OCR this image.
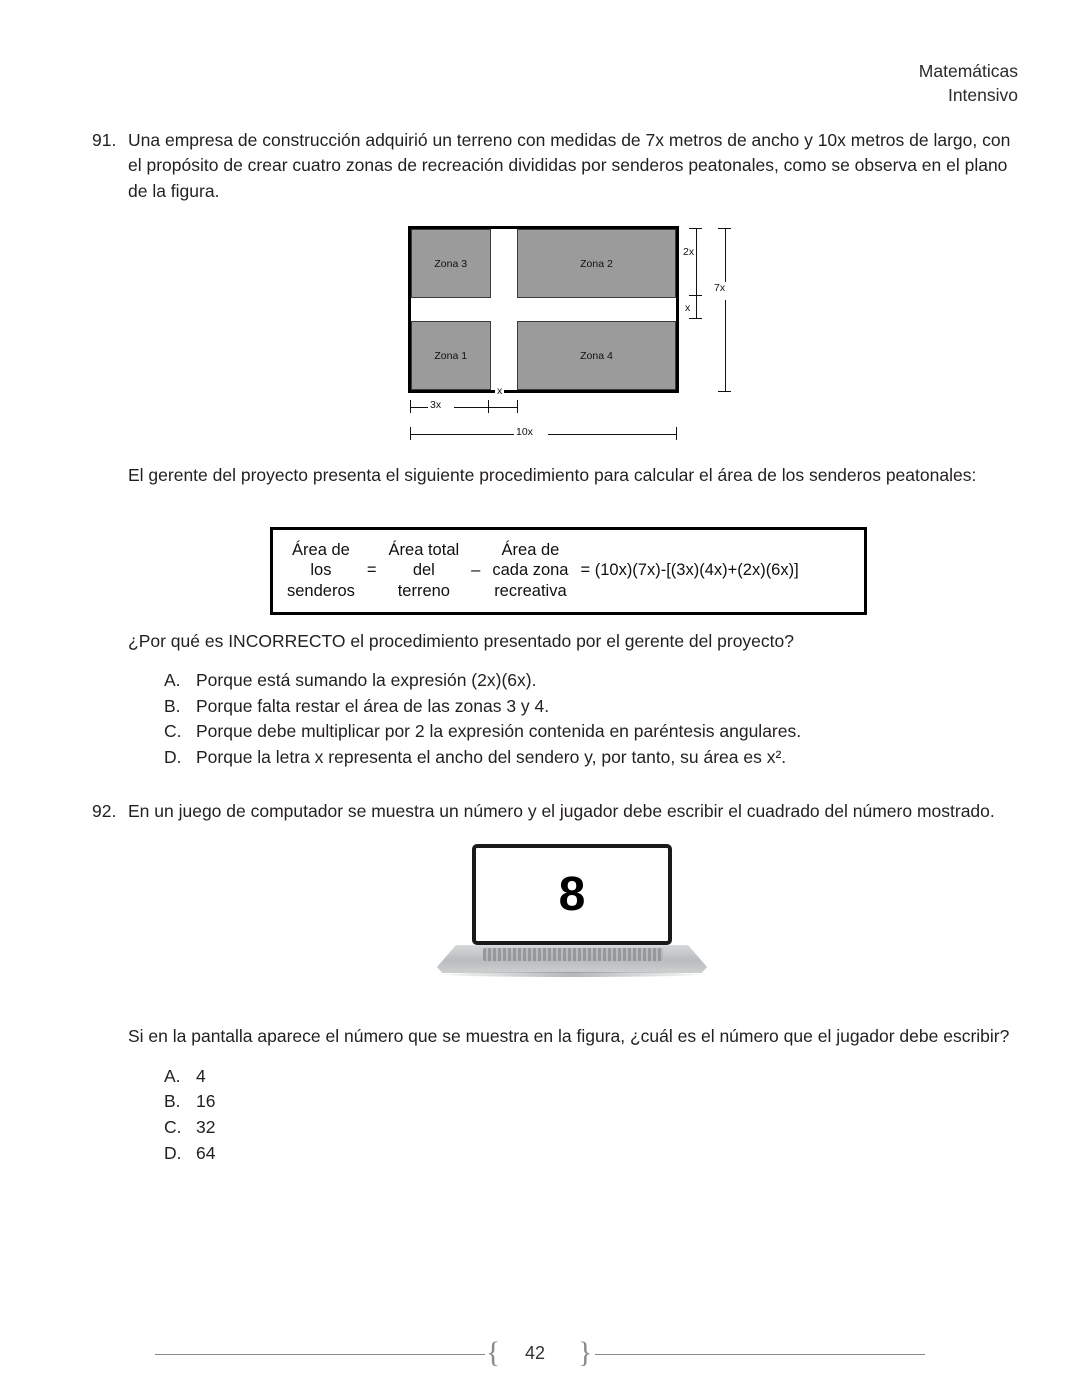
Matemáticas
Intensivo
91. Una empresa de construcción adquirió un terreno con medidas de 7x metros de ancho y 10x metros de largo, con el propósito de crear cuatro zonas de recreación divididas por senderos peatonales, como se observa en el plano de la figura.
Zona 3	Zona 2
Zona 1	Zona 4
2x
x
7x
3x
x
10x
El gerente del proyecto presenta el siguiente procedimiento para calcular el área de los senderos peatonales:
Área de
los
senderos
=
Área total
del
terreno
–
Área de
cada zona
recreativa
= (10x)(7x)-[(3x)(4x)+(2x)(6x)]
¿Por qué es INCORRECTO el procedimiento presentado por el gerente del proyecto?
A. Porque está sumando la expresión (2x)(6x).
B. Porque falta restar el área de las zonas 3 y 4.
C. Porque debe multiplicar por 2 la expresión contenida en paréntesis angulares.
D. Porque la letra x representa el ancho del sendero y, por tanto, su área es x².
92. En un juego de computador se muestra un número y el jugador debe escribir el cuadrado del número mostrado.
8
Si en la pantalla aparece el número que se muestra en la figura, ¿cuál es el número que el jugador debe escribir?
A. 4
B. 16
C. 32
D. 64
{	42	}
